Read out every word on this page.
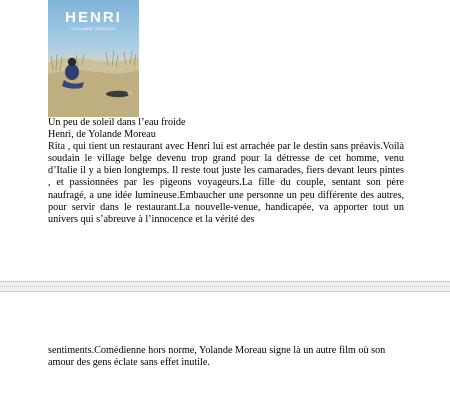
HENRI
YOLANDE MOREAU

Un peu de soleil dans l’eau froide

Henri, de Yolande Moreau

Rita , qui tient un restaurant avec Henri lui est arrachée par le destin sans préavis.Voilà soudain le village belge devenu trop grand pour la détresse de cet homme, venu d’Italie il y a bien longtemps. Il reste tout juste les camarades, fiers devant leurs pintes , et passionnées par les pigeons voyageurs.La fille du couple, sentant son père naufragé, a une idée lumineuse.Embaucher une personne un peu différente des autres, pour servir dans le restaurant.La nouvelle-venue, handicapée, va apporter tout un univers qui s’abreuve à l’innocence et la vérité des

sentiments.Comédienne hors norme, Yolande Moreau signe là un autre film où son amour des gens éclate sans effet inutile.
